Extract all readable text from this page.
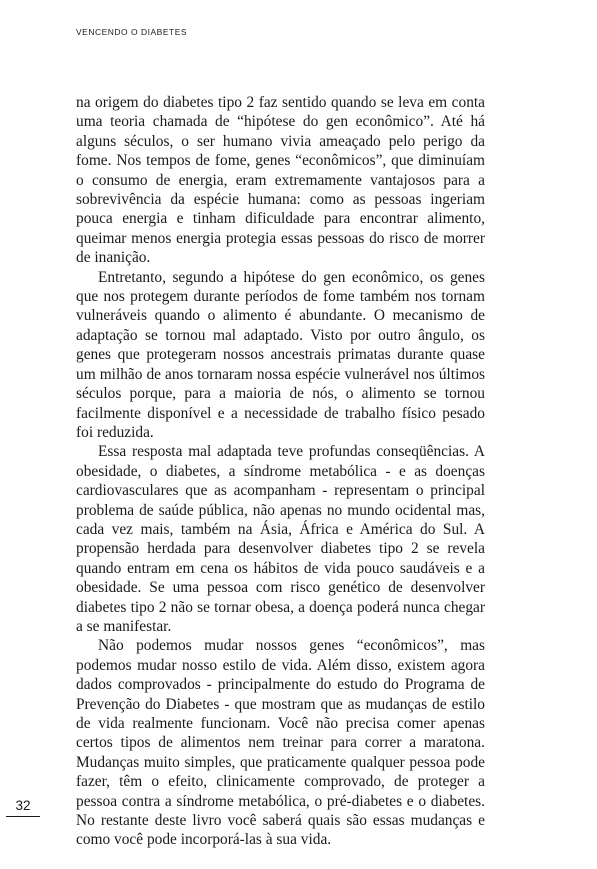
VENCENDO O DIABETES

na origem do diabetes tipo 2 faz sentido quando se leva em conta uma teoria chamada de “hipótese do gen econômico”. Até há alguns séculos, o ser humano vivia ameaçado pelo perigo da fome. Nos tempos de fome, genes “econômicos”, que diminuíam o consumo de energia, eram extremamente vantajosos para a sobrevivência da espécie humana: como as pessoas ingeriam pouca energia e tinham dificuldade para encontrar alimento, queimar menos energia protegia essas pessoas do risco de morrer de inanição.

Entretanto, segundo a hipótese do gen econômico, os genes que nos protegem durante períodos de fome também nos tornam vulneráveis quando o alimento é abundante. O mecanismo de adaptação se tornou mal adaptado. Visto por outro ângulo, os genes que protegeram nossos ancestrais primatas durante quase um milhão de anos tornaram nossa espécie vulnerável nos últimos séculos porque, para a maioria de nós, o alimento se tornou facilmente disponível e a necessidade de trabalho físico pesado foi reduzida.

Essa resposta mal adaptada teve profundas conseqüências. A obesidade, o diabetes, a síndrome metabólica - e as doenças cardiovasculares que as acompanham - representam o principal problema de saúde pública, não apenas no mundo ocidental mas, cada vez mais, também na Ásia, África e América do Sul. A propensão herdada para desenvolver diabetes tipo 2 se revela quando entram em cena os hábitos de vida pouco saudáveis e a obesidade. Se uma pessoa com risco genético de desenvolver diabetes tipo 2 não se tornar obesa, a doença poderá nunca chegar a se manifestar.

Não podemos mudar nossos genes “econômicos”, mas podemos mudar nosso estilo de vida. Além disso, existem agora dados comprovados - principalmente do estudo do Programa de Prevenção do Diabetes - que mostram que as mudanças de estilo de vida realmente funcionam. Você não precisa comer apenas certos tipos de alimentos nem treinar para correr a maratona. Mudanças muito simples, que praticamente qualquer pessoa pode fazer, têm o efeito, clinicamente comprovado, de proteger a pessoa contra a síndrome metabólica, o pré-diabetes e o diabetes. No restante deste livro você saberá quais são essas mudanças e como você pode incorporá-las à sua vida.

32
